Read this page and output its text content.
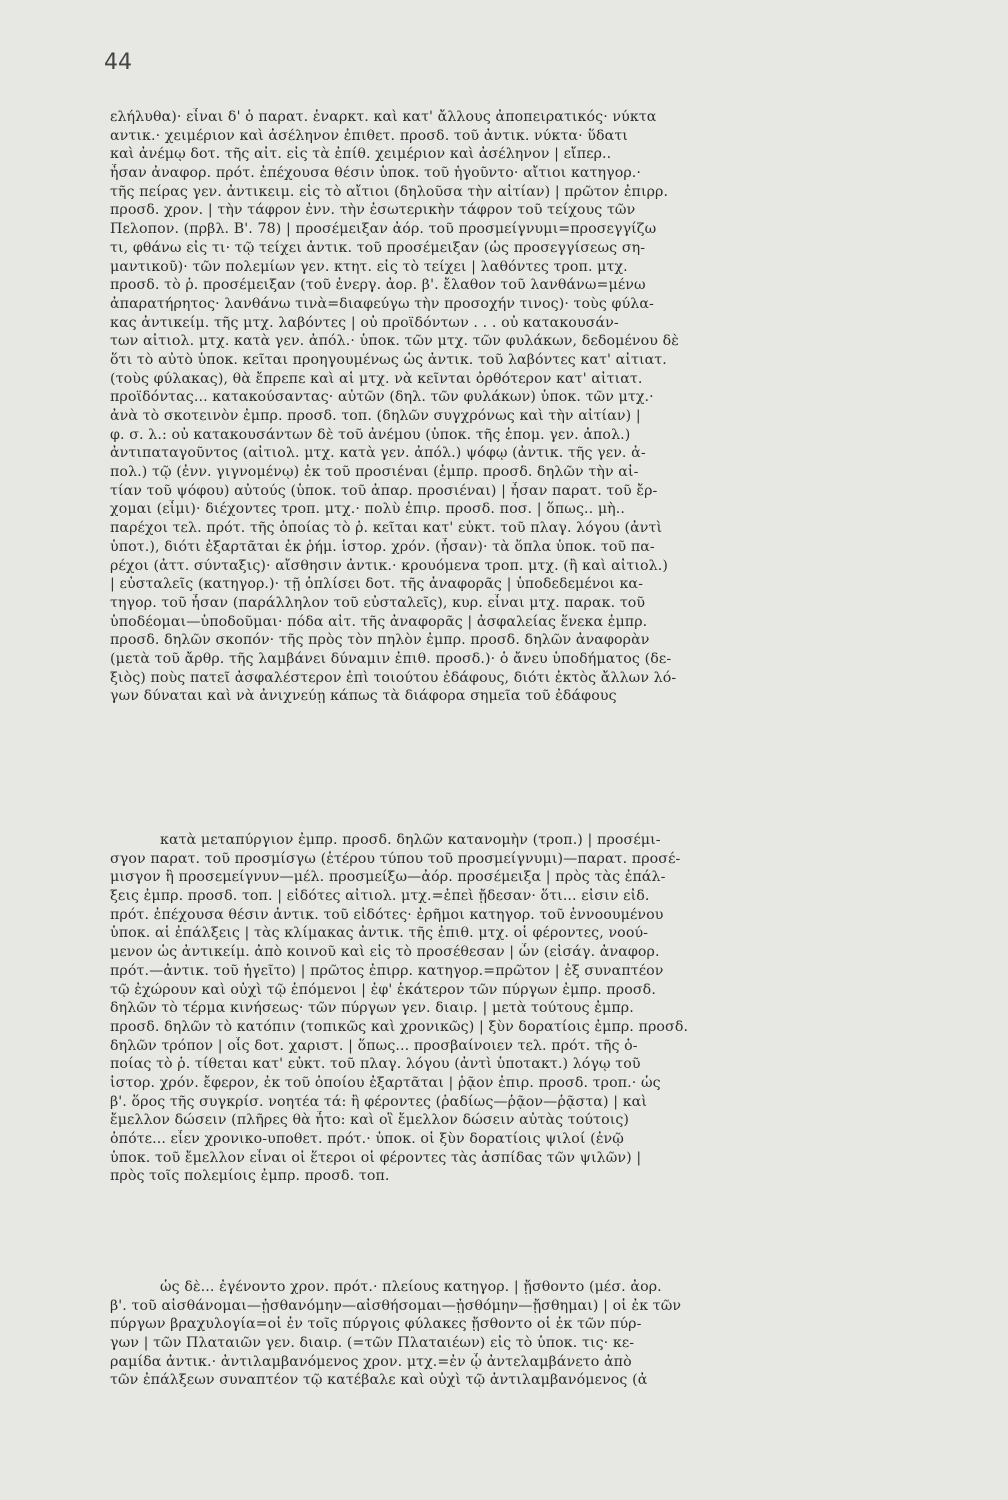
44
ελήλυθα)· εἶναι δ' ὁ παρατ. ἐναρκτ. καὶ κατ' ἄλλους ἀποπειρατικός· νύκτα
αντικ.· χειμέριον καὶ ἀσέληνον ἐπιθετ. προσδ. τοῦ ἀντικ. νύκτα· ὕδατι
καὶ ἀνέμῳ δοτ. τῆς αἰτ. εἰς τὰ ἐπίθ. χειμέριον καὶ ἀσέληνον | εἴπερ..
ἦσαν ἀναφορ. πρότ. ἐπέχουσα θέσιν ὑποκ. τοῦ ἡγοῦντο· αἴτιοι κατηγορ.·
τῆς πείρας γεν. ἀντικειμ. εἰς τὸ αἴτιοι (δηλοῦσα τὴν αἰτίαν) | πρῶτον ἐπιρρ.
προσδ. χρον. | τὴν τάφρον ἐνν. τὴν ἐσωτερικὴν τάφρον τοῦ τείχους τῶν
Πελοπον. (πρβλ. Β'. 78) | προσέμειξαν ἀόρ. τοῦ προσμείγνυμι=προσεγγίζω
τι, φθάνω εἰς τι· τῷ τείχει ἀντικ. τοῦ προσέμειξαν (ὡς προσεγγίσεως ση-
μαντικοῦ)· τῶν πολεμίων γεν. κτητ. εἰς τὸ τείχει | λαθόντες τροπ. μτχ.
προσδ. τὸ ῥ. προσέμειξαν (τοῦ ἐνεργ. ἀορ. β'. ἔλαθον τοῦ λανθάνω=μένω
ἀπαρατήρητος· λανθάνω τινὰ=διαφεύγω τὴν προσοχήν τινος)· τοὺς φύλα-
κας ἀντικείμ. τῆς μτχ. λαβόντες | οὐ προϊδόντων . . . οὐ κατακουσάν-
των αἰτιολ. μτχ. κατὰ γεν. ἀπόλ.· ὑποκ. τῶν μτχ. τῶν φυλάκων, δεδομένου δὲ
ὅτι τὸ αὐτὸ ὑποκ. κεῖται προηγουμένως ὡς ἀντικ. τοῦ λαβόντες κατ' αἰτιατ.
(τοὺς φύλακας), θὰ ἔπρεπε καὶ αἱ μτχ. νὰ κεῖνται ὀρθότερον κατ' αἰτιατ.
προϊδόντας... κατακούσαντας· αὐτῶν (δηλ. τῶν φυλάκων) ὑποκ. τῶν μτχ.·
ἀνὰ τὸ σκοτεινὸν ἐμπρ. προσδ. τοπ. (δηλῶν συγχρόνως καὶ τὴν αἰτίαν) |
φ. σ. λ.: οὐ κατακουσάντων δὲ τοῦ ἀνέμου (ὑποκ. τῆς ἑπομ. γεν. ἀπολ.)
ἀντιπαταγοῦντος (αἰτιολ. μτχ. κατὰ γεν. ἀπόλ.) ψόφῳ (ἀντικ. τῆς γεν. ἀ-
πολ.) τῷ (ἐνν. γιγνομένῳ) ἐκ τοῦ προσιέναι (ἐμπρ. προσδ. δηλῶν τὴν αἰ-
τίαν τοῦ ψόφου) αὐτούς (ὑποκ. τοῦ ἀπαρ. προσιέναι) | ἦσαν παρατ. τοῦ ἔρ-
χομαι (εἶμι)· διέχοντες τροπ. μτχ.· πολὺ ἐπιρ. προσδ. ποσ. | ὅπως.. μὴ..
παρέχοι τελ. πρότ. τῆς ὁποίας τὸ ῥ. κεῖται κατ' εὐκτ. τοῦ πλαγ. λόγου (ἀντὶ
ὑποτ.), διότι ἐξαρτᾶται ἐκ ῥήμ. ἱστορ. χρόν. (ἦσαν)· τὰ ὅπλα ὑποκ. τοῦ πα-
ρέχοι (ἀττ. σύνταξις)· αἴσθησιν ἀντικ.· κρουόμενα τροπ. μτχ. (ἢ καὶ αἰτιολ.)
| εὐσταλεῖς (κατηγορ.)· τῇ ὁπλίσει δοτ. τῆς ἀναφορᾶς | ὑποδεδεμένοι κα-
τηγορ. τοῦ ἦσαν (παράλληλον τοῦ εὐσταλεῖς), κυρ. εἶναι μτχ. παρακ. τοῦ
ὑποδέομαι—ὑποδοῦμαι· πόδα αἰτ. τῆς ἀναφορᾶς | ἀσφαλείας ἕνεκα ἐμπρ.
προσδ. δηλῶν σκοπόν· τῆς πρὸς τὸν πηλὸν ἐμπρ. προσδ. δηλῶν ἀναφορὰν
(μετὰ τοῦ ἄρθρ. τῆς λαμβάνει δύναμιν ἐπιθ. προσδ.)· ὁ ἄνευ ὑποδήματος (δε-
ξιὸς) ποὺς πατεῖ ἀσφαλέστερον ἐπὶ τοιούτου ἐδάφους, διότι ἐκτὸς ἄλλων λό-
γων δύναται καὶ νὰ ἀνιχνεύῃ κάπως τὰ διάφορα σημεῖα τοῦ ἐδάφους
κατὰ μεταπύργιον ἐμπρ. προσδ. δηλῶν κατανομὴν (τροπ.) | προσέμι-
σγον παρατ. τοῦ προσμίσγω (ἑτέρου τύπου τοῦ προσμείγνυμι)—παρατ. προσέ-
μισγον ἢ προσεμείγνυν—μέλ. προσμείξω—ἀόρ. προσέμειξα | πρὸς τὰς ἐπάλ-
ξεις ἐμπρ. προσδ. τοπ. | εἰδότες αἰτιολ. μτχ.=ἐπεὶ ᾔδεσαν· ὅτι... εἰσιν εἰδ.
πρότ. ἐπέχουσα θέσιν ἀντικ. τοῦ εἰδότες· ἐρῆμοι κατηγορ. τοῦ ἐννοουμένου
ὑποκ. αἱ ἐπάλξεις | τὰς κλίμακας ἀντικ. τῆς ἐπιθ. μτχ. οἱ φέροντες, νοού-
μενον ὡς ἀντικείμ. ἀπὸ κοινοῦ καὶ εἰς τὸ προσέθεσαν | ὧν (εἰσάγ. ἀναφορ.
πρότ.—ἀντικ. τοῦ ἡγεῖτο) | πρῶτος ἐπιρρ. κατηγορ.=πρῶτον | ἐξ συναπτέον
τῷ ἐχώρουν καὶ οὐχὶ τῷ ἑπόμενοι | ἐφ' ἑκάτερον τῶν πύργων ἐμπρ. προσδ.
δηλῶν τὸ τέρμα κινήσεως· τῶν πύργων γεν. διαιρ. | μετὰ τούτους ἐμπρ.
προσδ. δηλῶν τὸ κατόπιν (τοπικῶς καὶ χρονικῶς) | ξὺν δορατίοις ἐμπρ. προσδ.
δηλῶν τρόπον | οἷς δοτ. χαριστ. | ὅπως... προσβαίνοιεν τελ. πρότ. τῆς ὁ-
ποίας τὸ ῥ. τίθεται κατ' εὐκτ. τοῦ πλαγ. λόγου (ἀντὶ ὑποτακτ.) λόγῳ τοῦ
ἱστορ. χρόν. ἔφερον, ἐκ τοῦ ὁποίου ἐξαρτᾶται | ῥᾷον ἐπιρ. προσδ. τροπ.· ὡς
β'. ὅρος τῆς συγκρίσ. νοητέα τά: ἢ φέροντες (ῥαδίως—ῥᾷον—ῥᾷστα) | καὶ
ἔμελλον δώσειν (πλῆρες θὰ ἦτο: καὶ οἳ ἔμελλον δώσειν αὐτὰς τούτοις)
ὁπότε... εἶεν χρονικο-υποθετ. πρότ.· ὑποκ. οἱ ξὺν δορατίοις ψιλοί (ἐνῷ
ὑποκ. τοῦ ἔμελλον εἶναι οἱ ἕτεροι οἱ φέροντες τὰς ἀσπίδας τῶν ψιλῶν) |
πρὸς τοῖς πολεμίοις ἐμπρ. προσδ. τοπ.
ὡς δὲ... ἐγένοντο χρον. πρότ.· πλείους κατηγορ. | ᾔσθοντο (μέσ. ἀορ.
β'. τοῦ αἰσθάνομαι—ᾐσθανόμην—αἰσθήσομαι—ᾐσθόμην—ᾔσθημαι) | οἱ ἐκ τῶν
πύργων βραχυλογία=οἱ ἐν τοῖς πύργοις φύλακες ᾔσθοντο οἱ ἐκ τῶν πύρ-
γων | τῶν Πλαταιῶν γεν. διαιρ. (=τῶν Πλαταιέων) εἰς τὸ ὑποκ. τις· κε-
ραμίδα ἀντικ.· ἀντιλαμβανόμενος χρον. μτχ.=ἐν ᾧ ἀντελαμβάνετο ἀπὸ
τῶν ἐπάλξεων συναπτέον τῷ κατέβαλε καὶ οὐχὶ τῷ ἀντιλαμβανόμενος (ἀ
